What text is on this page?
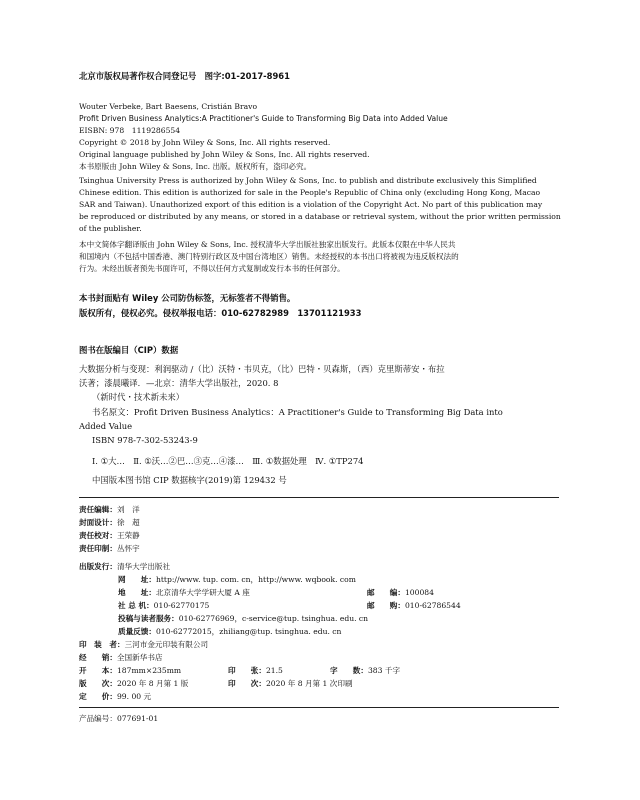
北京市版权局著作权合同登记号　图字:01-2017-8961
Wouter Verbeke, Bart Baesens, Cristián Bravo
Profit Driven Business Analytics:A Practitioner's Guide to Transforming Big Data into Added Value
EISBN: 978　1119286554
Copyright © 2018 by John Wiley & Sons, Inc. All rights reserved.
Original language published by John Wiley & Sons, Inc. All rights reserved.
本书原版由 John Wiley & Sons, Inc. 出版。版权所有，盗印必究。
Tsinghua University Press is authorized by John Wiley & Sons, Inc. to publish and distribute exclusively this Simplified
Chinese edition. This edition is authorized for sale in the People's Republic of China only (excluding Hong Kong, Macao
SAR and Taiwan). Unauthorized export of this edition is a violation of the Copyright Act. No part of this publication may
be reproduced or distributed by any means, or stored in a database or retrieval system, without the prior written permission
of the publisher.
本中文简体字翻译版由 John Wiley & Sons, Inc. 授权清华大学出版社独家出版发行。此版本仅限在中华人民共
和国境内（不包括中国香港、澳门特别行政区及中国台湾地区）销售。未经授权的本书出口将被视为违反版权法的
行为。未经出版者预先书面许可，不得以任何方式复制或发行本书的任何部分。
本书封面贴有 Wiley 公司防伪标签，无标签者不得销售。
版权所有，侵权必究。侵权举报电话：010-62782989　13701121933
图书在版编目（CIP）数据
大数据分析与变现：利润驱动 /（比）沃特・韦贝克，（比）巴特・贝森斯，（西）克里斯蒂安・布拉
沃著；漆晨曦译．—北京：清华大学出版社，2020. 8
（新时代・技术新未来）
书名原文：Profit Driven Business Analytics：A Practitioner's Guide to Transforming Big Data into
Added Value
ISBN 978-7-302-53243-9
Ⅰ. ①大…　Ⅱ. ①沃…②巴…③克…④漆…　Ⅲ. ①数据处理　Ⅳ. ①TP274
中国版本图书馆 CIP 数据核字(2019)第 129432 号
责任编辑：刘　洋
封面设计：徐　超
责任校对：王荣静
责任印制：丛怀宇
出版发行：清华大学出版社
网　　址：http://www. tup. com. cn，http://www. wqbook. com
地　　址：北京清华大学学研大厦 A 座	邮　　编：100084
社 总 机：010-62770175	邮　　购：010-62786544
投稿与读者服务：010-62776969，c-service@tup. tsinghua. edu. cn
质量反馈：010-62772015，zhiliang@tup. tsinghua. edu. cn
印　装　者：三河市金元印装有限公司
经　　销：全国新华书店
开　　本：187mm×235mm	印　　张：21.5	字　　数：383 千字
版　　次：2020 年 8 月第 1 版	印　　次：2020 年 8 月第 1 次印刷
定　　价：99. 00 元
产品编号：077691-01
